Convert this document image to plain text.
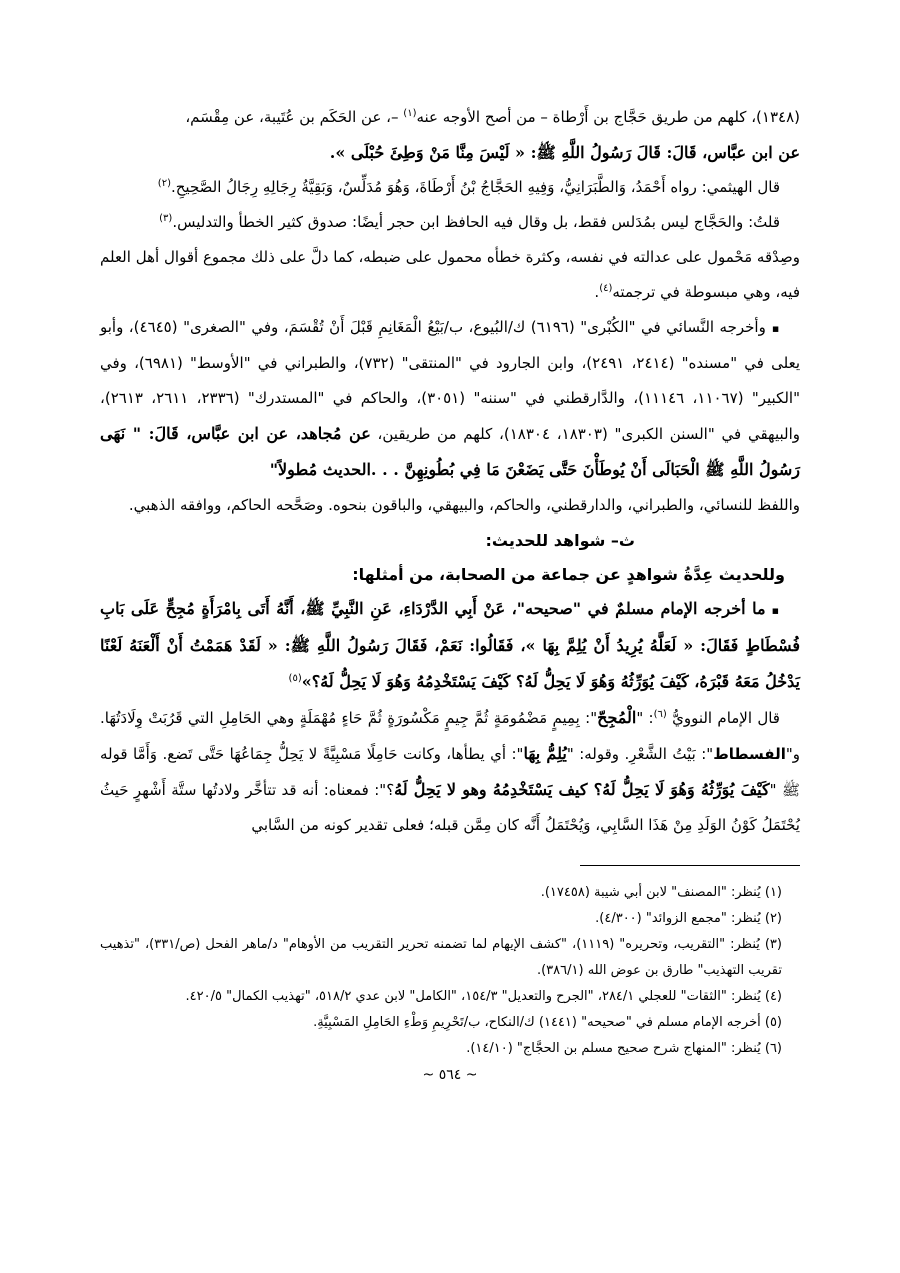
(١٣٤٨)، كلهم من طريق حَجَّاج بن أَرْطاة – من أصح الأوجه عنه$^{(١)}$ –، عن الحَكَم بن عُتَيبة، عن مِقْسَم،

عن ابن عبَّاس، قَالَ: قَالَ رَسُولُ اللَّهِ ﷺ: « لَيْسَ مِنَّا مَنْ وَطِئَ حُبْلَى ».

قال الهيثمي: رواه أَحْمَدُ، وَالطَّبَرَانِيُّ، وَفِيهِ الحَجَّاجُ بْنُ أَرْطَاةَ، وَهُوَ مُدَلِّسٌ، وَبَقِيَّةُ رِجَالِهِ رِجَالُ الصَّحِيحِ.$^{(٢)}$

قلتُ: والحَجَّاج ليس بمُدَلس فقط، بل وقال فيه الحافظ ابن حجر أيضًا: صدوق كثير الخطأ والتدليس.$^{(٣)}$

وصِدْقه مَحْمول على عدالته في نفسه، وكثرة خطأه محمول على ضبطه، كما دلَّ على ذلك مجموع أقوال أهل العلم فيه، وهي مبسوطة في ترجمته$^{(٤)}$.

▪وأخرجه النَّسائي في "الكُبْرى" (٦١٩٦) ك/البُيوع، ب/بَيْعُ الْمَغَانِمِ قَبْلَ أَنْ تُقْسَمَ، وفي "الصغرى" (٤٦٤٥)، وأبو يعلى في "مسنده" (٢٤١٤، ٢٤٩١)، وابن الجارود في "المنتقى" (٧٣٢)، والطبراني في "الأوسط" (٦٩٨١)، وفي "الكبير" (١١٠٦٧، ١١١٤٦)، والدَّارقطني في "سننه" (٣٠٥١)، والحاكم في "المستدرك" (٢٣٣٦، ٢٦١١، ٢٦١٣)، والبيهقي في "السنن الكبرى" (١٨٣٠٣، ١٨٣٠٤)، كلهم من طريقين، عن مُجاهد، عن ابن عبَّاس، قَالَ: " نَهَى رَسُولُ اللَّهِ ﷺ الْحَبَالَى أَنْ يُوطَأْنَ حَتَّى يَضَعْنَ مَا فِي بُطُونِهِنَّ . . .الحديث مُطولاً"

واللفظ للنسائي، والطبراني، والدارقطني، والحاكم، والبيهقي، والباقون بنحوه. وصَحَّحه الحاكم، ووافقه الذهبي.

ث– شواهد للحديث:

وللحديث عِدَّةُ شواهدٍ عن جماعة من الصحابة، من أمثلها:

▪ما أخرجه الإمام مسلمٌ في "صحيحه"، عَنْ أَبِي الدَّرْدَاءِ، عَنِ النَّبِيِّ ﷺ، أَنَّهُ أَتَى بِامْرَأَةٍ مُجِحٍّ عَلَى بَابِ فُسْطَاطٍ فَقَالَ: « لَعَلَّهُ يُرِيدُ أَنْ يُلِمَّ بِهَا »، فَقَالُوا: نَعَمْ، فَقَالَ رَسُولُ اللَّهِ ﷺ: « لَقَدْ هَمَمْتُ أَنْ أَلْعَنَهُ لَعْنًا يَدْخُلُ مَعَهُ قَبْرَهُ، كَيْفَ يُوَرِّثُهُ وَهُوَ لَا يَحِلُّ لَهُ؟ كَيْفَ يَسْتَخْدِمُهُ وَهُوَ لَا يَحِلُّ لَهُ؟»$^{(٥)}$

قال الإمام النوويُّ $^{(٦)}$: "الْمُجِحّ": بِمِيمٍ مَضْمُومَةٍ ثُمَّ جِيمٍ مَكْسُورَةٍ ثُمَّ حَاءٍ مُهْمَلَةٍ وهي الحَامِلِ التي قَرُبَتْ وِلَادَتُهَا. و"الفسطاط": بَيْتُ الشَّعْرِ. وقوله: "يُلِمُّ بِهَا": أي يطأها، وكانت حَامِلًا مَسْبِيَّةً لا يَحِلُّ جِمَاعُهَا حَتَّى تَضع. وَأَمَّا قوله ﷺ "كَيْفَ يُوَرِّثُهُ وَهُوَ لَا يَحِلُّ لَهُ؟ كيف يَسْتَخْدِمُهُ وهو لا يَحِلُّ لَهُ؟": فمعناه: أنه قد تتأخَّر ولادتُها ستَّة أَشْهرٍ حَيثُ يُحْتَمَلُ كَوْنُ الوَلَدِ مِنْ هَذَا السَّابِي، وَيُحْتَمَلُ أَنَّه كان مِمَّن قبله؛ فعلى تقدير كونه من السَّابي

(١) يُنظر: "المصنف" لابن أبي شيبة (١٧٤٥٨).

(٢) يُنظر: "مجمع الزوائد" (٤/٣٠٠).

(٣) يُنظر: "التقريب، وتحريره" (١١١٩)، "كشف الإيهام لما تضمنه تحرير التقريب من الأوهام" د/ماهر الفحل (ص/٣٣١)، "تذهيب تقريب التهذيب" طارق بن عوض الله (٣٨٦/١).

(٤) يُنظر: "الثقات" للعجلي ٢٨٤/١، "الجرح والتعديل" ١٥٤/٣، "الكامل" لابن عدي ٥١٨/٢، "تهذيب الكمال" ٤٢٠/٥.

(٥) أخرجه الإمام مسلم في "صحيحه" (١٤٤١) ك/النكاح، ب/تَحْرِيمِ وَطْءِ الحَامِلِ المَسْبِيَّةِ.

(٦) يُنظر: "المنهاج شرح صحيح مسلم بن الحجَّاج" (١٤/١٠).

~ ٥٦٤ ~
